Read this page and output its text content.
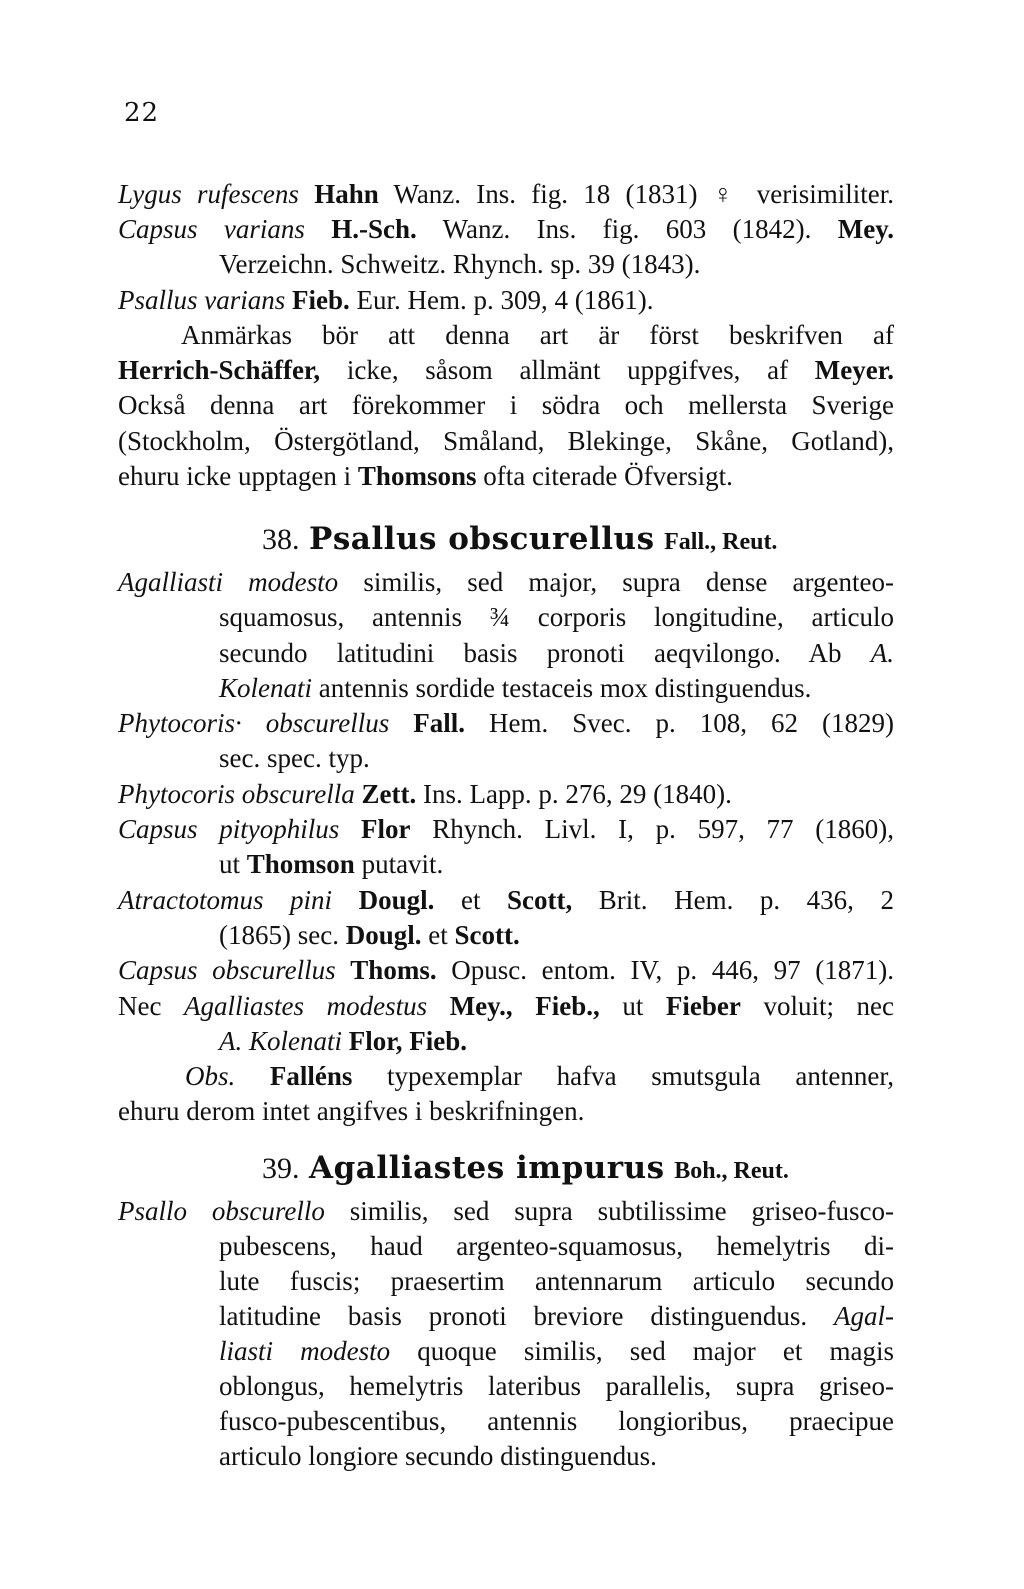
22
Lygus rufescens Hahn Wanz. Ins. fig. 18 (1831) ♀ verisimiliter.
Capsus varians H.-Sch. Wanz. Ins. fig. 603 (1842). Mey.
Verzeichn. Schweitz. Rhynch. sp. 39 (1843).
Psallus varians Fieb. Eur. Hem. p. 309, 4 (1861).
Anmärkas bör att denna art är först beskrifven af
Herrich-Schäffer, icke, såsom allmänt uppgifves, af Meyer.
Också denna art förekommer i södra och mellersta Sverige
(Stockholm, Östergötland, Småland, Blekinge, Skåne, Gotland),
ehuru icke upptagen i Thomsons ofta citerade Öfversigt.
38. Psallus obscurellus Fall., Reut.
Agalliasti modesto similis, sed major, supra dense argenteo-
squamosus, antennis ¾ corporis longitudine, articulo
secundo latitudini basis pronoti aeqvilongo. Ab A.
Kolenati antennis sordide testaceis mox distinguendus.
Phytocoris· obscurellus Fall. Hem. Svec. p. 108, 62 (1829)
sec. spec. typ.
Phytocoris obscurella Zett. Ins. Lapp. p. 276, 29 (1840).
Capsus pityophilus Flor Rhynch. Livl. I, p. 597, 77 (1860),
ut Thomson putavit.
Atractotomus pini Dougl. et Scott, Brit. Hem. p. 436, 2
(1865) sec. Dougl. et Scott.
Capsus obscurellus Thoms. Opusc. entom. IV, p. 446, 97 (1871).
Nec Agalliastes modestus Mey., Fieb., ut Fieber voluit; nec
A. Kolenati Flor, Fieb.
Obs. Falléns typexemplar hafva smutsgula antenner,
ehuru derom intet angifves i beskrifningen.
39. Agalliastes impurus Boh., Reut.
Psallo obscurello similis, sed supra subtilissime griseo-fusco-
pubescens, haud argenteo-squamosus, hemelytris di-
lute fuscis; praesertim antennarum articulo secundo
latitudine basis pronoti breviore distinguendus. Agal-
liasti modesto quoque similis, sed major et magis
oblongus, hemelytris lateribus parallelis, supra griseo-
fusco-pubescentibus, antennis longioribus, praecipue
articulo longiore secundo distinguendus.
